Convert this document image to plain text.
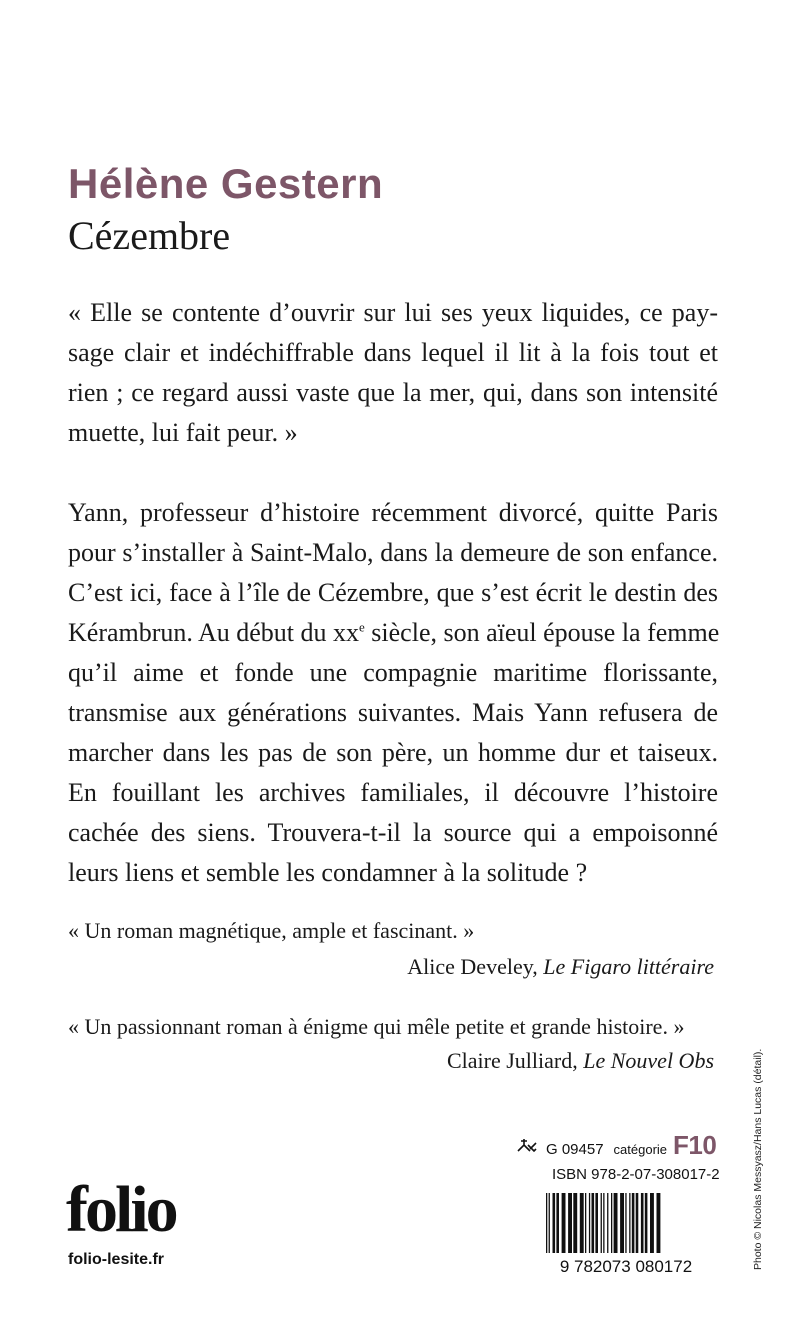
Hélène Gestern
Cézembre
« Elle se contente d’ouvrir sur lui ses yeux liquides, ce pay-
sage clair et indéchiffrable dans lequel il lit à la fois tout et
rien ; ce regard aussi vaste que la mer, qui, dans son intensité
muette, lui fait peur. »
Yann, professeur d’histoire récemment divorcé, quitte Paris
pour s’installer à Saint-Malo, dans la demeure de son enfance.
C’est ici, face à l’île de Cézembre, que s’est écrit le destin des
Kérambrun. Au début du $xx^e$ siècle, son aïeul épouse la femme
qu’il aime et fonde une compagnie maritime florissante,
transmise aux générations suivantes. Mais Yann refusera de
marcher dans les pas de son père, un homme dur et taiseux.
En fouillant les archives familiales, il découvre l’histoire
cachée des siens. Trouvera-t-il la source qui a empoisonné
leurs liens et semble les condamner à la solitude ?

« Un roman magnétique, ample et fascinant. »

Alice Develey, Le Figaro littéraire

« Un passionnant roman à énigme qui mêle petite et grande histoire. »

Claire Julliard, Le Nouvel Obs	Photo © Nicolas Messyasz/Hans Lucas (détail).
G 09457 catégorie F10
ISBN 978-2-07-308017-2
9 782073 080172
folio
folio-lesite.fr
